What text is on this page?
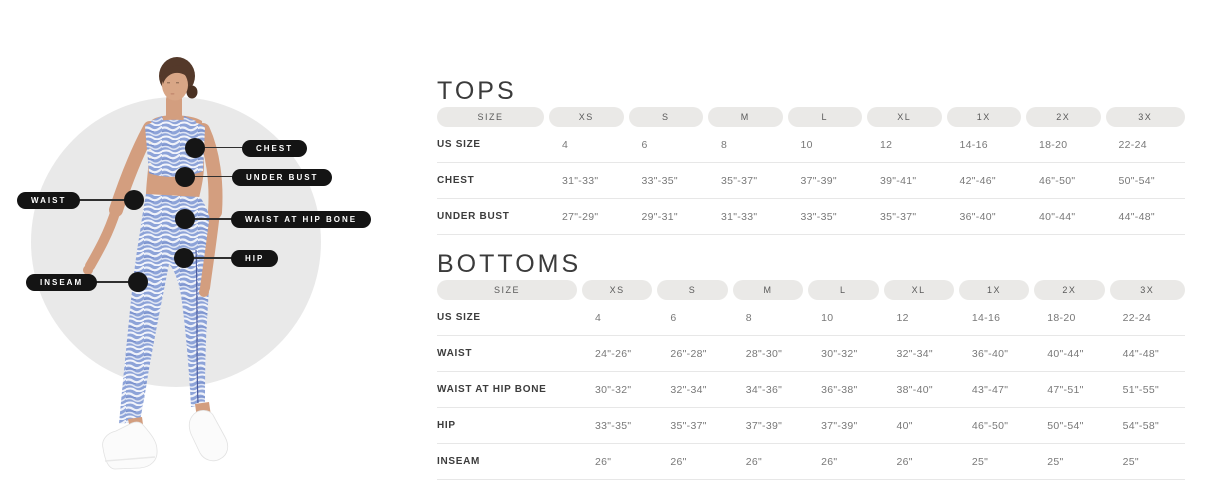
CHEST
UNDER BUST
WAIST
WAIST AT HIP BONE
HIP
INSEAM
TOPS
SIZE	XS	S	M	L	XL	1X	2X	3X
US SIZE	4	6	8	10	12	14-16	18-20	22-24
CHEST	31"-33"	33"-35"	35"-37"	37"-39"	39"-41"	42"-46"	46"-50"	50"-54"
UNDER BUST	27"-29"	29"-31"	31"-33"	33"-35"	35"-37"	36"-40"	40"-44"	44"-48"
BOTTOMS
SIZE	XS	S	M	L	XL	1X	2X	3X
US SIZE	4	6	8	10	12	14-16	18-20	22-24
WAIST	24"-26"	26"-28"	28"-30"	30"-32"	32"-34"	36"-40"	40"-44"	44"-48"
WAIST AT HIP BONE	30"-32"	32"-34"	34"-36"	36"-38"	38"-40"	43"-47"	47"-51"	51"-55"
HIP	33"-35"	35"-37"	37"-39"	37"-39"	40"	46"-50"	50"-54"	54"-58"
INSEAM	26"	26"	26"	26"	26"	25"	25"	25"
